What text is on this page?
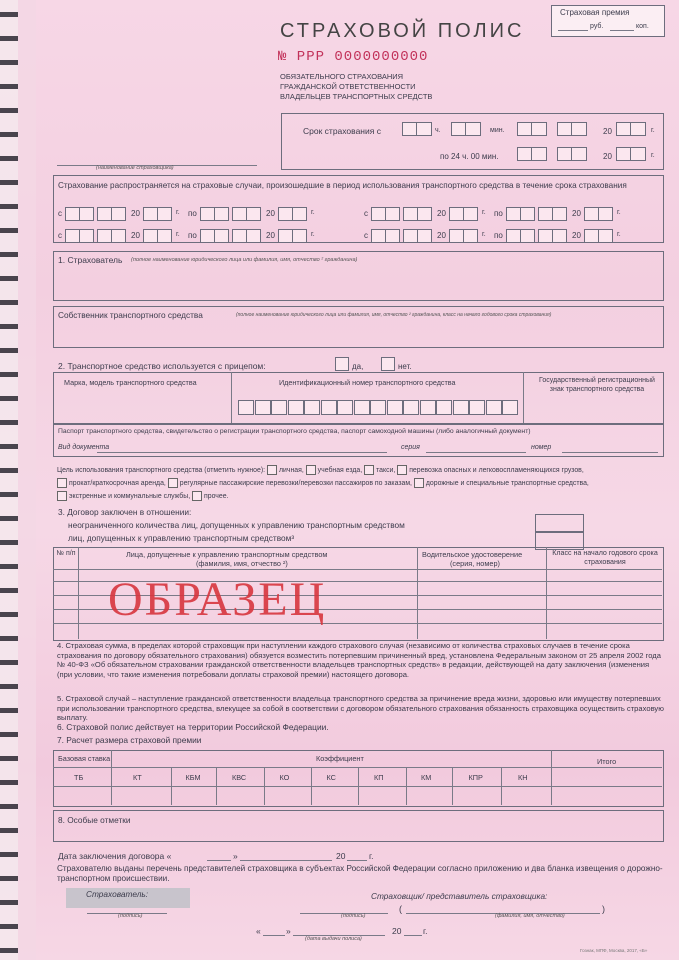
Страховая премия
руб.	коп.
СТРАХОВОЙ ПОЛИС
№ РРР 0000000000
ОБЯЗАТЕЛЬНОГО СТРАХОВАНИЯ
ГРАЖДАНСКОЙ ОТВЕТСТВЕННОСТИ
ВЛАДЕЛЬЦЕВ ТРАНСПОРТНЫХ СРЕДСТВ
(наименование страховщика)
Срок страхования с	ч.	мин.	20	г.
по 24 ч. 00 мин.	20	г.
Страхование распространяется на страховые случаи, произошедшие в период использования транспортного средства в течение срока страхования
с	20	г. по	20	г.	с	20	г. по	20	г.
с	20	г. по	20	г.	с	20	г. по	20	г.
1. Страхователь (полное наименование юридического лица или фамилия, имя, отчество ² гражданина)
Собственник транспортного средства	(полное наименование юридического лица или фамилия, имя, отчество ² гражданина, класс на начало годового срока страхования)
2. Транспортное средство используется с прицепом:	да,	нет.
Марка, модель транспортного средства	Идентификационный номер транспортного средства	Государственный регистрационный знак транспортного средства
Паспорт транспортного средства, свидетельство о регистрации транспортного средства, паспорт самоходной машины (либо аналогичный документ)
Вид документа	серия	номер
Цель использования транспортного средства (отметить нужное): личная, учебная езда, такси, перевозка опасных и легковоспламеняющихся грузов,
прокат/краткосрочная аренда, регулярные пассажирские перевозки/перевозки пассажиров по заказам, дорожные и специальные транспортные средства,
экстренные и коммунальные службы, прочее.
3. Договор заключен в отношении:
неограниченного количества лиц, допущенных к управлению транспортным средством
лиц, допущенных к управлению транспортным средством³
№ п/п	Лица, допущенные к управлению транспортным средством
(фамилия, имя, отчество ²)
Водительское удостоверение
(серия, номер)
Класс на начало годового срока страхования
ОБРАЗЕЦ
4. Страховая сумма, в пределах которой страховщик при наступлении каждого страхового случая (независимо от количества страховых случаев в течение срока страхования по договору обязательного страхования) обязуется возместить потерпевшим причиненный вред, установлена Федеральным законом от 25 апреля 2002 года № 40-ФЗ «Об обязательном страховании гражданской ответственности владельцев транспортных средств» в редакции, действующей на дату заключения (изменения (при условии, что такие изменения потребовали доплаты страховой премии) настоящего договора.
5. Страховой случай – наступление гражданской ответственности владельца транспортного средства за причинение вреда жизни, здоровью или имуществу потерпевших при использовании транспортного средства, влекущее за собой в соответствии с договором обязательного страхования обязанность страховщика осуществить страховую выплату.
6. Страховой полис действует на территории Российской Федерации.
7. Расчет размера страховой премии
Базовая ставка	Коэффициент	Итого
ТБ	КТ	КБМ	КВС	КО	КС	КП	КМ	КПР	КН
8. Особые отметки
Дата заключения договора «	»	20	г.
Страхователю выданы перечень представителей страховщика в субъектах Российской Федерации согласно приложению и два бланка извещения о дорожно-транспортном происшествии.
Страхователь:
(подпись)
Страховщик/ представитель страховщика:
(	)
(подпись)	(фамилия, имя, отчество)
«	»	20	г.
(дата выдачи полиса)
Гознак, МПФ, Москва, 2017, «Б»
